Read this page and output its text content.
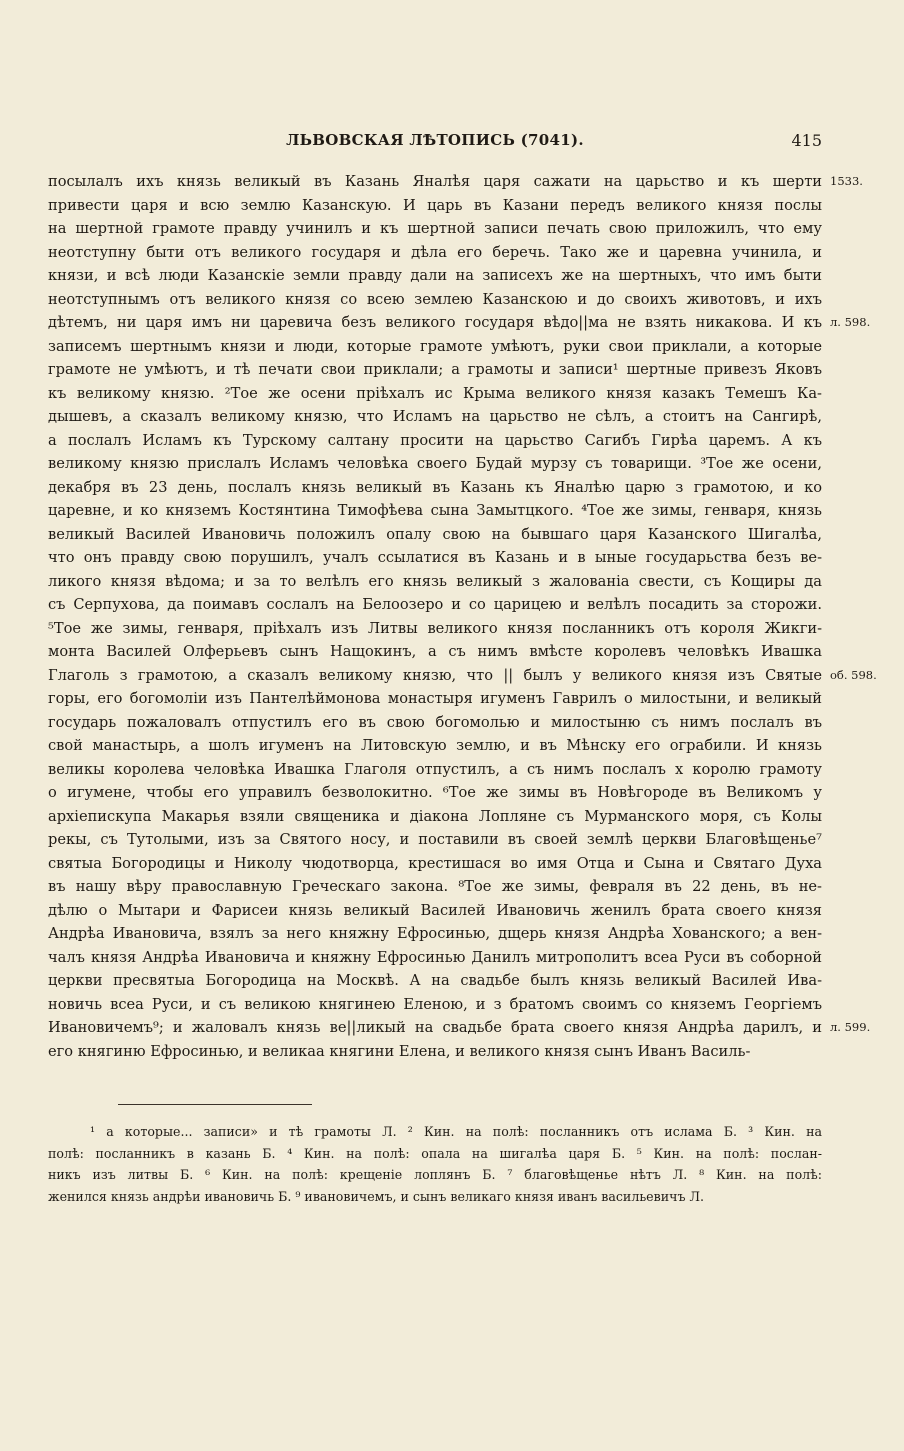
ЛЬВОВСКАЯ ЛѢТОПИСЬ (7041).	415
посылалъ ихъ князь великый въ Казань Яналѣя царя сажати на царьство и къ шерти
привести царя и всю землю Казанскую. И царь въ Казани передъ великого князя послы
на шертной грамоте правду учинилъ и къ шертной записи печать свою приложилъ, что ему
неотступну быти отъ великого государя и дѣла его беречь. Тако же и царевна учинила, и
князи, и всѣ люди Казанскіе земли правду дали на записехъ же на шертныхъ, что имъ быти
неотступнымъ отъ великого князя со всею землею Казанскою и до своихъ животовъ, и ихъ
дѣтемъ, ни царя имъ ни царевича безъ великого государя вѣдо||ма не взять никакова. И къ
записемъ шертнымъ князи и люди, которые грамоте умѣютъ, руки свои приклали, а которые
грамоте не умѣютъ, и тѣ печати свои приклали; а грамоты и записи¹ шертные привезъ Яковъ
къ великому князю. ²Тое же осени прiѣхалъ ис Крыма великого князя казакъ Темешъ Ка-
дышевъ, а сказалъ великому князю, что Исламъ на царьство не сѣлъ, а стоитъ на Сангирѣ,
а послалъ Исламъ къ Турскому салтану просити на царьство Сагибъ Гирѣа царемъ. А къ
великому князю прислалъ Исламъ человѣка своего Будай мурзу съ товарищи. ³Тое же осени,
декабря въ 23 день, послалъ князь великый въ Казань къ Яналѣю царю з грамотою, и ко
царевне, и ко княземъ Костянтина Тимофѣева сына Замытцкого. ⁴Тое же зимы, генваря, князь
великый Василей Ивановичь положилъ опалу свою на бывшаго царя Казанского Шигалѣа,
что онъ правду свою порушилъ, учалъ ссылатися въ Казань и в ыные государьства безъ ве-
ликого князя вѣдома; и за то велѣлъ его князь великый з жалованiа свести, съ Кощиры да
съ Серпухова, да поимавъ сослалъ на Белоозеро и со царицею и велѣлъ посадить за сторожи.
⁵Тое же зимы, генваря, прiѣхалъ изъ Литвы великого князя посланникъ отъ короля Жикги-
монта Василей Олферьевъ сынъ Нащокинъ, а съ нимъ вмѣсте королевъ человѣкъ Ивашка
Глаголь з грамотою, а сказалъ великому князю, что || былъ у великого князя изъ Святые
горы, его богомолiи изъ Пантелѣймонова монастыря игуменъ Гаврилъ о милостыни, и великый
государь пожаловалъ отпустилъ его въ свою богомолью и милостыню съ нимъ послалъ въ
свой манастырь, а шолъ игуменъ на Литовскую землю, и въ Мѣнску его ограбили. И князь
великы королева человѣка Ивашка Глаголя отпустилъ, а съ нимъ послалъ х королю грамоту
о игумене, чтобы его управилъ безволокитно. ⁶Тое же зимы въ Новѣгороде въ Великомъ у
архiепискупа Макарья взяли священика и дiакона Лопляне съ Мурманского моря, съ Колы
рекы, съ Тутолыми, изъ за Святого носу, и поставили въ своей землѣ церкви Благовѣщенье⁷
святыа Богородицы и Николу чюдотворца, крестишася во имя Отца и Сына и Святаго Духа
въ нашу вѣру православную Греческаго закона. ⁸Тое же зимы, февраля въ 22 день, въ не-
дѣлю о Мытари и Фарисеи князь великый Василей Ивановичь женилъ брата своего князя
Андрѣа Ивановича, взялъ за него княжну Ефросинью, дщерь князя Андрѣа Хованского; а вен-
чалъ князя Андрѣа Ивановича и княжну Ефросинью Данилъ митрополитъ всеа Руси въ соборной
церкви пресвятыа Богородица на Москвѣ. А на свадьбе былъ князь великый Василей Ива-
новичь всеа Руси, и съ великою княгинею Еленою, и з братомъ своимъ со княземъ Георгiемъ
Ивановичемъ⁹; и жаловалъ князь ве||ликый на свадьбе брата своего князя Андрѣа дарилъ, и
его княгиню Ефросинью, и великаа княгини Елена, и великого князя сынъ Иванъ Василь-
1533.
л. 598.
об. 598.
л. 599.
¹ а которые... записи» и тѣ грамоты Л. ² Кин. на полѣ: посланникъ отъ ислама Б. ³ Кин. на
полѣ: посланникъ в казань Б. ⁴ Кин. на полѣ: опала на шигалѣа царя Б. ⁵ Кин. на полѣ: послан-
никъ изъ литвы Б. ⁶ Кин. на полѣ: крещенiе лоплянъ Б. ⁷ благовѣщенье нѣтъ Л. ⁸ Кин. на полѣ:
женился князь андрѣи ивановичь Б. ⁹ ивановичемъ, и сынъ великаго князя иванъ васильевичъ Л.
